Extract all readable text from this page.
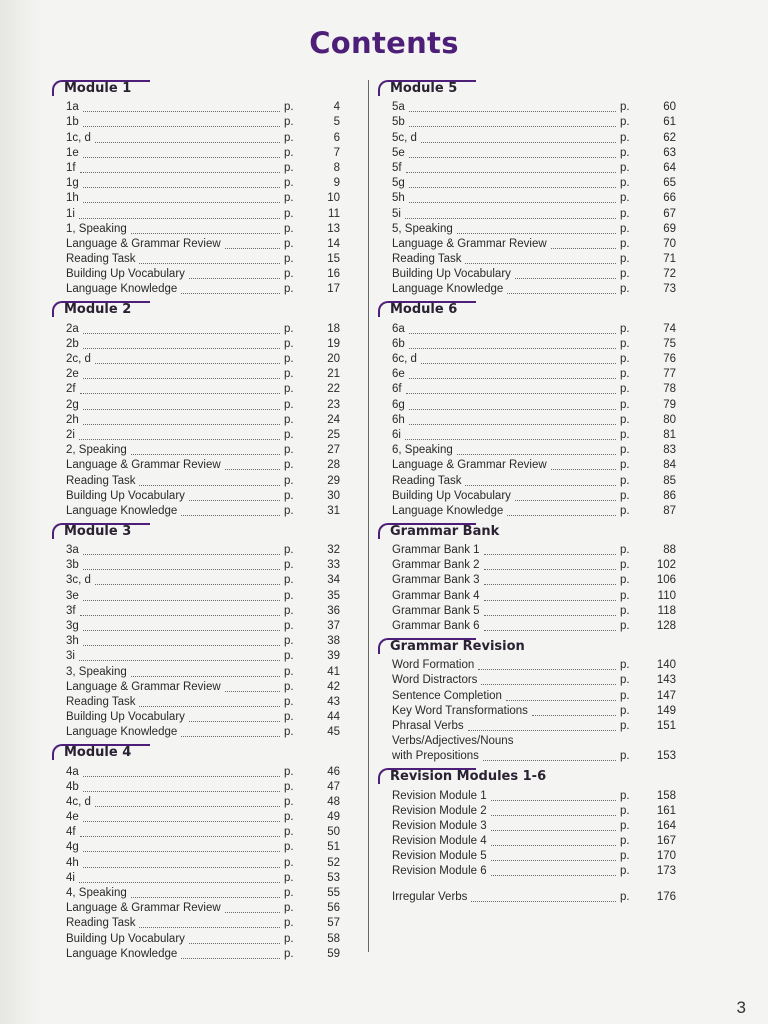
Contents
Module 1
1a	p.	4
1b	p.	5
1c, d	p.	6
1e	p.	7
1f	p.	8
1g	p.	9
1h	p.	10
1i	p.	11
1, Speaking	p.	13
Language & Grammar Review	p.	14
Reading Task	p.	15
Building Up Vocabulary	p.	16
Language Knowledge	p.	17
Module 2
2a	p.	18
2b	p.	19
2c, d	p.	20
2e	p.	21
2f	p.	22
2g	p.	23
2h	p.	24
2i	p.	25
2, Speaking	p.	27
Language & Grammar Review	p.	28
Reading Task	p.	29
Building Up Vocabulary	p.	30
Language Knowledge	p.	31
Module 3
3a	p.	32
3b	p.	33
3c, d	p.	34
3e	p.	35
3f	p.	36
3g	p.	37
3h	p.	38
3i	p.	39
3, Speaking	p.	41
Language & Grammar Review	p.	42
Reading Task	p.	43
Building Up Vocabulary	p.	44
Language Knowledge	p.	45
Module 4
4a	p.	46
4b	p.	47
4c, d	p.	48
4e	p.	49
4f	p.	50
4g	p.	51
4h	p.	52
4i	p.	53
4, Speaking	p.	55
Language & Grammar Review	p.	56
Reading Task	p.	57
Building Up Vocabulary	p.	58
Language Knowledge	p.	59
Module 5
5a	p.	60
5b	p.	61
5c, d	p.	62
5e	p.	63
5f	p.	64
5g	p.	65
5h	p.	66
5i	p.	67
5, Speaking	p.	69
Language & Grammar Review	p.	70
Reading Task	p.	71
Building Up Vocabulary	p.	72
Language Knowledge	p.	73
Module 6
6a	p.	74
6b	p.	75
6c, d	p.	76
6e	p.	77
6f	p.	78
6g	p.	79
6h	p.	80
6i	p.	81
6, Speaking	p.	83
Language & Grammar Review	p.	84
Reading Task	p.	85
Building Up Vocabulary	p.	86
Language Knowledge	p.	87
Grammar Bank
Grammar Bank 1	p.	88
Grammar Bank 2	p.	102
Grammar Bank 3	p.	106
Grammar Bank 4	p.	110
Grammar Bank 5	p.	118
Grammar Bank 6	p.	128
Grammar Revision
Word Formation	p.	140
Word Distractors	p.	143
Sentence Completion	p.	147
Key Word Transformations	p.	149
Phrasal Verbs	p.	151
Verbs/Adjectives/Nouns
with Prepositions	p.	153
Revision Modules 1-6
Revision Module 1	p.	158
Revision Module 2	p.	161
Revision Module 3	p.	164
Revision Module 4	p.	167
Revision Module 5	p.	170
Revision Module 6	p.	173
Irregular Verbs	p.	176
3
